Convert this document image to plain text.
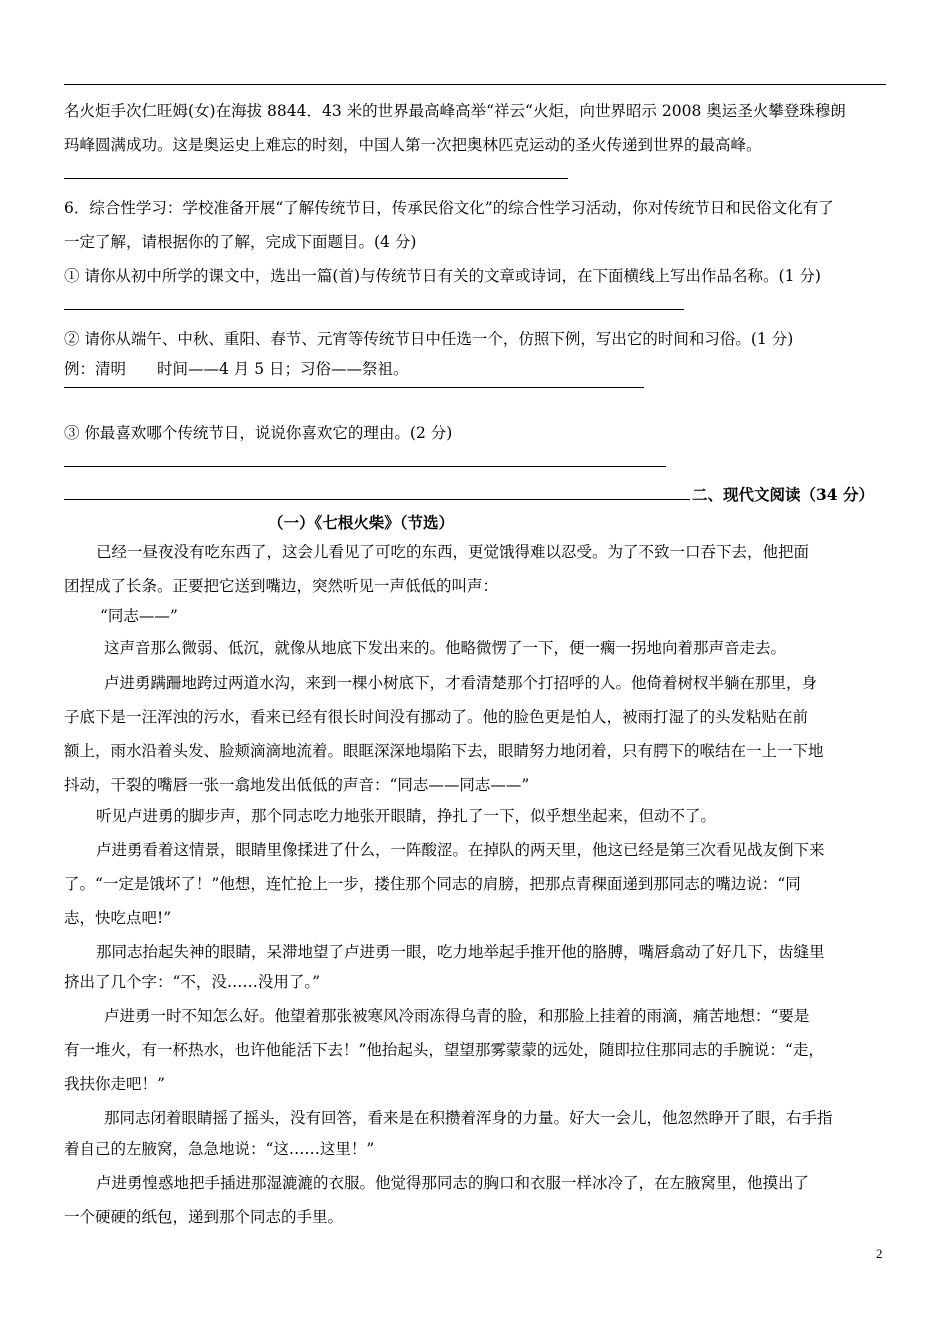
名火炬手次仁旺姆(女)在海拔 8844．43 米的世界最高峰高举“祥云“火炬，向世界昭示 2008 奥运圣火攀登珠穆朗
玛峰圆满成功。这是奥运史上难忘的时刻，中国人第一次把奥林匹克运动的圣火传递到世界的最高峰。
6．综合性学习：学校准备开展“了解传统节日，传承民俗文化”的综合性学习活动，你对传统节日和民俗文化有了
一定了解，请根据你的了解，完成下面题目。(4 分)
① 请你从初中所学的课文中，选出一篇(首)与传统节日有关的文章或诗词，在下面横线上写出作品名称。(1 分)
② 请你从端午、中秋、重阳、春节、元宵等传统节日中任选一个，仿照下例，写出它的时间和习俗。(1 分)
例：清明　　时间——4 月 5 日；习俗——祭祖。
③ 你最喜欢哪个传统节日，说说你喜欢它的理由。(2 分)
二、现代文阅读（34 分）
（一）《七根火柴》（节选）
已经一昼夜没有吃东西了，这会儿看见了可吃的东西，更觉饿得难以忍受。为了不致一口吞下去，他把面
团捏成了长条。正要把它送到嘴边，突然听见一声低低的叫声：
“同志——”
这声音那么微弱、低沉，就像从地底下发出来的。他略微愣了一下，便一瘸一拐地向着那声音走去。
卢进勇蹒跚地跨过两道水沟，来到一棵小树底下，才看清楚那个打招呼的人。他倚着树杈半躺在那里，身
子底下是一汪浑浊的污水，看来已经有很长时间没有挪动了。他的脸色更是怕人，被雨打湿了的头发粘贴在前
额上，雨水沿着头发、脸颊滴滴地流着。眼眶深深地塌陷下去，眼睛努力地闭着，只有腭下的喉结在一上一下地
抖动，干裂的嘴唇一张一翕地发出低低的声音：“同志——同志——”
听见卢进勇的脚步声，那个同志吃力地张开眼睛，挣扎了一下，似乎想坐起来，但动不了。
卢进勇看着这情景，眼睛里像揉进了什么，一阵酸涩。在掉队的两天里，他这已经是第三次看见战友倒下来
了。“一定是饿坏了！”他想，连忙抢上一步，搂住那个同志的肩膀，把那点青稞面递到那同志的嘴边说：“同
志，快吃点吧!”
那同志抬起失神的眼睛，呆滞地望了卢进勇一眼，吃力地举起手推开他的胳膊，嘴唇翕动了好几下，齿缝里
挤出了几个字：“不，没……没用了。”
卢进勇一时不知怎么好。他望着那张被寒风冷雨冻得乌青的脸，和那脸上挂着的雨滴，痛苦地想：“要是
有一堆火，有一杯热水，也许他能活下去！”他抬起头，望望那雾蒙蒙的远处，随即拉住那同志的手腕说：“走，
我扶你走吧！”
那同志闭着眼睛摇了摇头，没有回答，看来是在积攒着浑身的力量。好大一会儿，他忽然睁开了眼，右手指
着自己的左腋窝，急急地说：“这……这里！”
卢进勇惶惑地把手插进那湿漉漉的衣服。他觉得那同志的胸口和衣服一样冰冷了，在左腋窝里，他摸出了
一个硬硬的纸包，递到那个同志的手里。
2
